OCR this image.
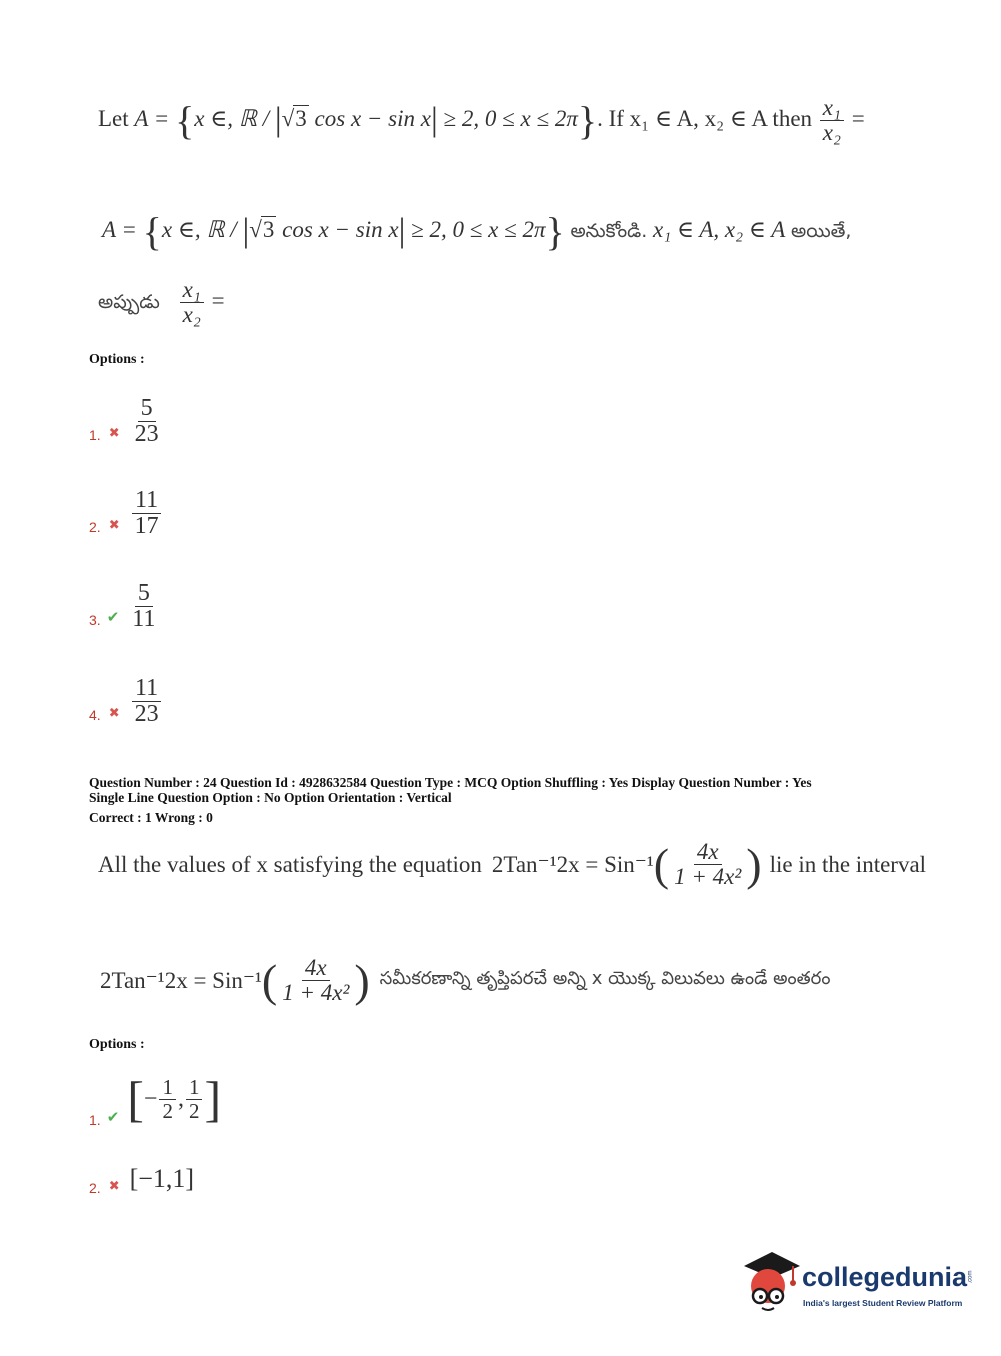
Let A = {x ∈, ℝ / |√3 cos x − sin x| ≥ 2, 0 ≤ x ≤ 2π}. If x₁ ∈ A, x₂ ∈ A then $\frac{\text{x₁}}{\text{x₂}}$ =
A = {x ∈, ℝ / |√3 cos x − sin x| ≥ 2, 0 ≤ x ≤ 2π} అనుకోండి. x₁ ∈ A, x₂ ∈ A అయితే,
అప్పుడు $\frac{\text{x₁}}{\text{x₂}}$ =
Options :
1. ✖ $\frac{5}{23}$
2. ✖ $\frac{11}{17}$
3. ✔ $\frac{5}{11}$
4. ✖ $\frac{11}{23}$
Question Number : 24 Question Id : 4928632584 Question Type : MCQ Option Shuffling : Yes Display Question Number : Yes
Single Line Question Option : No Option Orientation : Vertical
Correct : 1 Wrong : 0
All the values of x satisfying the equation 2Tan⁻¹2x = Sin⁻¹ ( $\frac{4x}{\text{1 + 4x²}}$ ) lie in the interval
2Tan⁻¹2x = Sin⁻¹ ( $\frac{4x}{\text{1 + 4x²}}$ ) సమీకరణాన్ని తృప్తిపరచే అన్ని x యొక్క విలువలు ఉండే అంతరం
Options :
1. ✔ [ − $\frac{1}{2}$ , $\frac{1}{2}$ ]
2. ✖ [−1,1]
collegedunia .com
India's largest Student Review Platform
